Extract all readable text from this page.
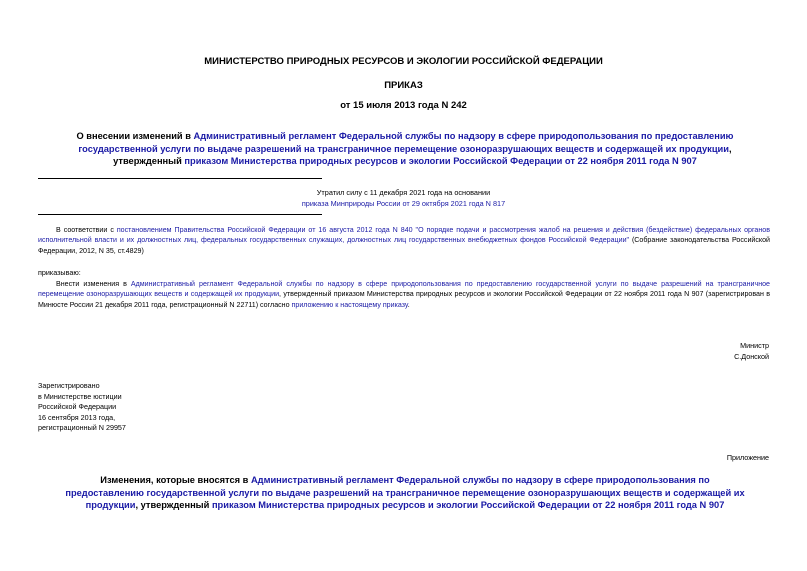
МИНИСТЕРСТВО ПРИРОДНЫХ РЕСУРСОВ И ЭКОЛОГИИ РОССИЙСКОЙ ФЕДЕРАЦИИ
ПРИКАЗ
от 15 июля 2013 года N 242
О внесении изменений в Административный регламент Федеральной службы по надзору в сфере природопользования по предоставлению государственной услуги по выдаче разрешений на трансграничное перемещение озоноразрушающих веществ и содержащей их продукции, утвержденный приказом Министерства природных ресурсов и экологии Российской Федерации от 22 ноября 2011 года N 907
Утратил силу с 11 декабря 2021 года на основании
приказа Минприроды России от 29 октября 2021 года N 817
В соответствии с постановлением Правительства Российской Федерации от 16 августа 2012 года N 840 "О порядке подачи и рассмотрения жалоб на решения и действия (бездействие) федеральных органов исполнительной власти и их должностных лиц, федеральных государственных служащих, должностных лиц государственных внебюджетных фондов Российской Федерации" (Собрание законодательства Российской Федерации, 2012, N 35, ст.4829)
приказываю:
Внести изменения в Административный регламент Федеральной службы по надзору в сфере природопользования по предоставлению государственной услуги по выдаче разрешений на трансграничное перемещение озоноразрушающих веществ и содержащей их продукции, утвержденный приказом Министерства природных ресурсов и экологии Российской Федерации от 22 ноября 2011 года N 907 (зарегистрирован в Минюсте России 21 декабря 2011 года, регистрационный N 22711) согласно приложению к настоящему приказу.
Министр
С.Донской
Зарегистрировано
в Министерстве юстиции
Российской Федерации
16 сентября 2013 года,
регистрационный N 29957
Приложение
Изменения, которые вносятся в Административный регламент Федеральной службы по надзору в сфере природопользования по предоставлению государственной услуги по выдаче разрешений на трансграничное перемещение озоноразрушающих веществ и содержащей их продукции, утвержденный приказом Министерства природных ресурсов и экологии Российской Федерации от 22 ноября 2011 года N 907
